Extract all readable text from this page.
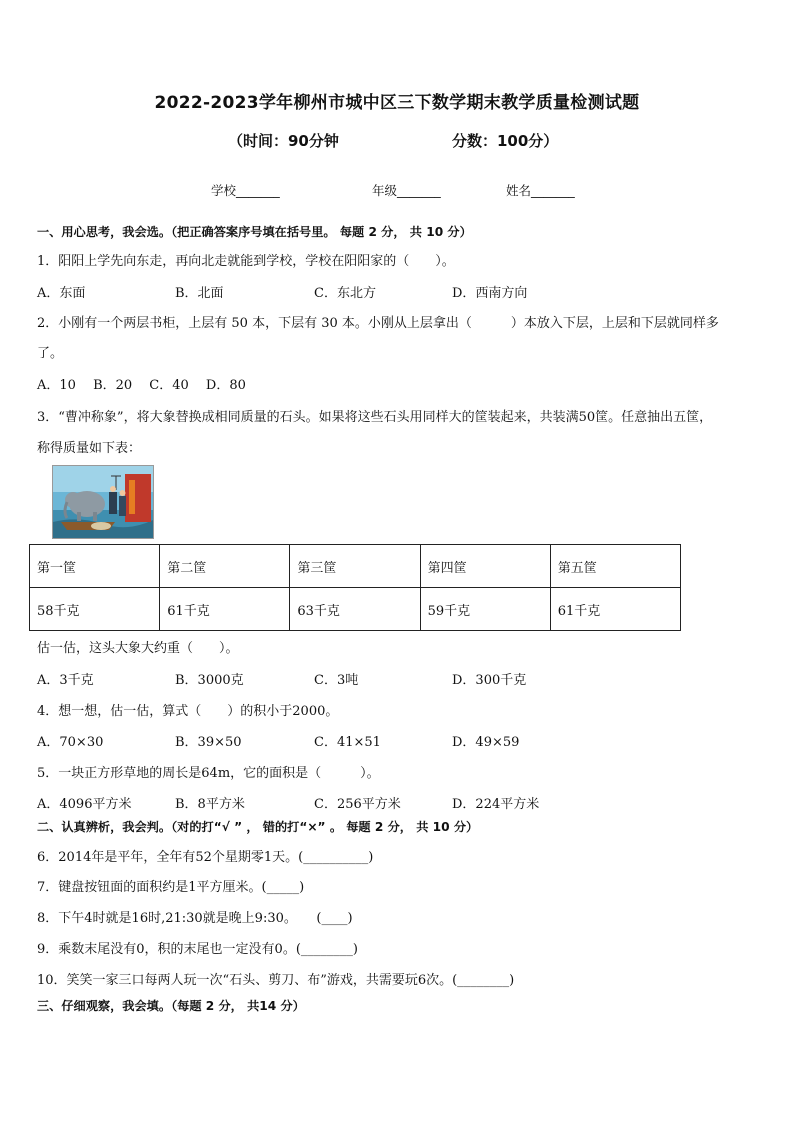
2022-2023学年柳州市城中区三下数学期末教学质量检测试题
（时间：90分钟	分数：100分）
学校_______	年级_______	姓名_______
一、用心思考，我会选。（把正确答案序号填在括号里。 每题 2 分， 共 10 分）
1．阳阳上学先向东走，再向北走就能到学校，学校在阳阳家的（　　）。
A．东面	B．北面	C．东北方	D．西南方向
2．小刚有一个两层书柜，上层有 50 本，下层有 30 本。小刚从上层拿出（　　　）本放入下层，上层和下层就同样多
了。
A．10　 B．20　 C．40　 D．80
3．“曹冲称象”，将大象替换成相同质量的石头。如果将这些石头用同样大的筐装起来，共装满50筐。任意抽出五筐，
称得质量如下表：
第一筐	第二筐	第三筐	第四筐	第五筐
58千克	61千克	63千克	59千克	61千克
估一估，这头大象大约重（　　）。
A．3千克	B．3000克	C．3吨	D．300千克
4．想一想，估一估，算式（　　）的积小于2000。
A．70×30	B．39×50	C．41×51	D．49×59
5．一块正方形草地的周长是64m，它的面积是（　　　）。
A．4096平方米	B．8平方米	C．256平方米	D．224平方米
二、认真辨析，我会判。（对的打“√ ” ， 错的打“×” 。 每题 2 分， 共 10 分）
6．2014年是平年，全年有52个星期零1天。(__________)
7．键盘按钮面的面积约是1平方厘米。(_____)
8．下午4时就是16时,21:30就是晚上9:30。　　(____)
9．乘数末尾没有0，积的末尾也一定没有0。(________)
10．笑笑一家三口每两人玩一次“石头、剪刀、布”游戏，共需要玩6次。(________)
三、仔细观察，我会填。（每题 2 分， 共14 分）
